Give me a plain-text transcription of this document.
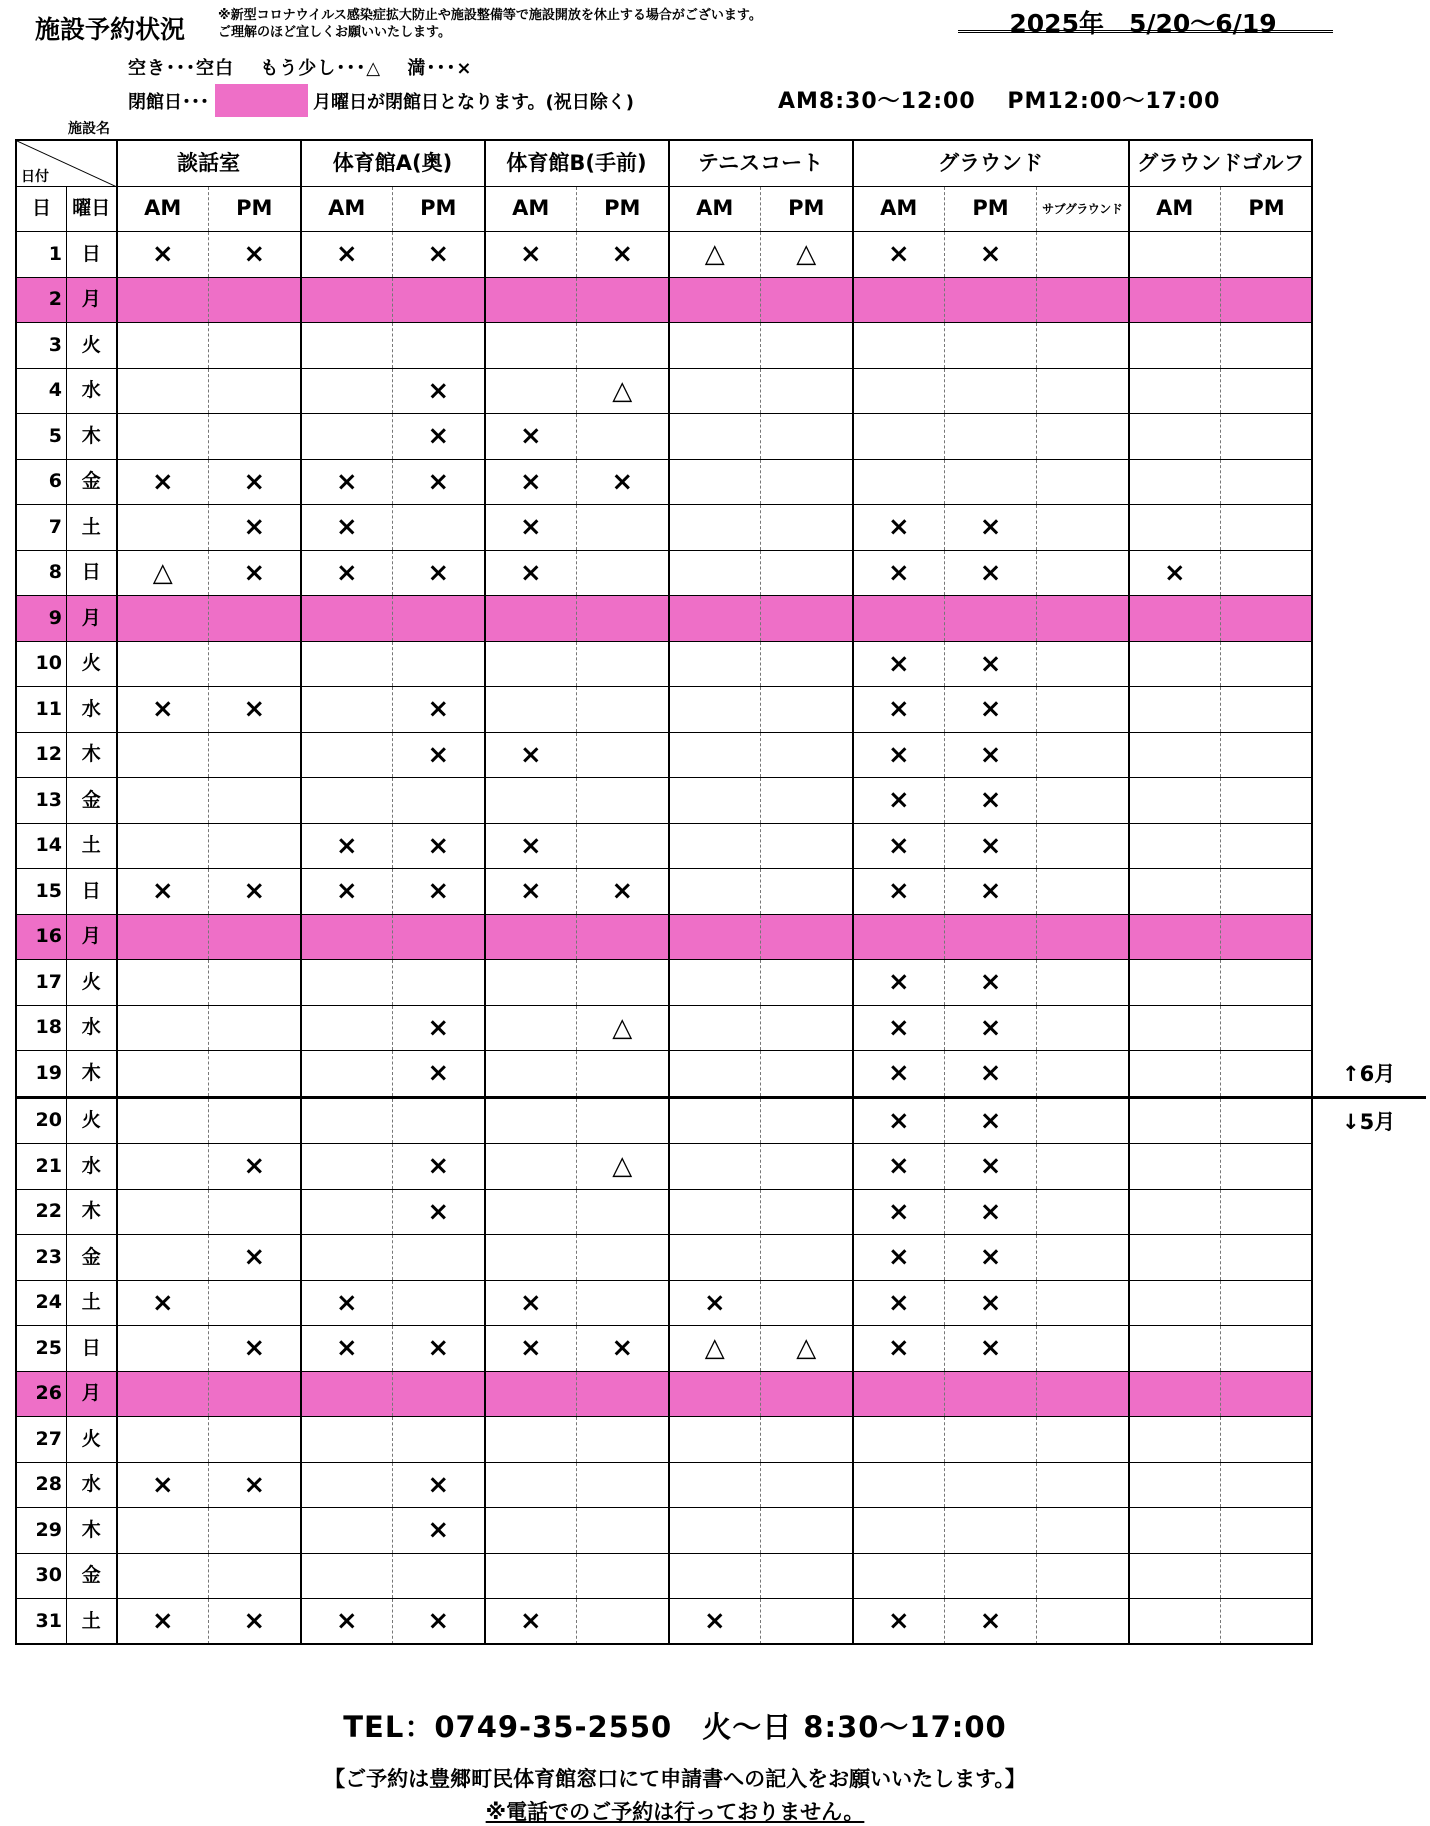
施設予約状況	※新型コロナウイルス感染症拡大防止や施設整備等で施設開放を休止する場合がございます。
ご理解のほど宜しくお願いいたします。	2025年　5/20～6/19
空き･･･空白　 もう少し･･･△　 満･･･×
閉館日･･･	月曜日が閉館日となります。(祝日除く)	AM8:30～12:00　 PM12:00～17:00
施設名
日付		談話室		体育館A(奥)		体育館B(手前)		テニスコート		グラウンド			グラウンドゴルフ	
日	曜日	AM	PM	AM	PM	AM	PM	AM	PM	AM	PM	サブグラウンド	AM	PM
1	日	×	×	×	×	×	×	△	△	×	×			
2	月													
3	火													
4	水				×		△							
5	木				×	×								
6	金	×	×	×	×	×	×							
7	土		×	×		×				×	×			
8	日	△	×	×	×	×				×	×		×	
9	月													
10	火									×	×			
11	水	×	×		×					×	×			
12	木				×	×				×	×			
13	金									×	×			
14	土			×	×	×				×	×			
15	日	×	×	×	×	×	×			×	×			
16	月													
17	火									×	×			
18	水				×		△			×	×			
19	木				×					×	×			
20	火									×	×			
21	水		×		×		△			×	×			
22	木				×					×	×			
23	金		×							×	×			
24	土	×		×		×		×		×	×			
25	日		×	×	×	×	×	△	△	×	×			
26	月													
27	火													
28	水	×	×		×									
29	木				×									
30	金													
31	土	×	×	×	×	×		×		×	×			
↑6月
↓5月
TEL：0749-35-2550　火～日 8:30～17:00
【ご予約は豊郷町民体育館窓口にて申請書への記入をお願いいたします。】
※電話でのご予約は行っておりません。
